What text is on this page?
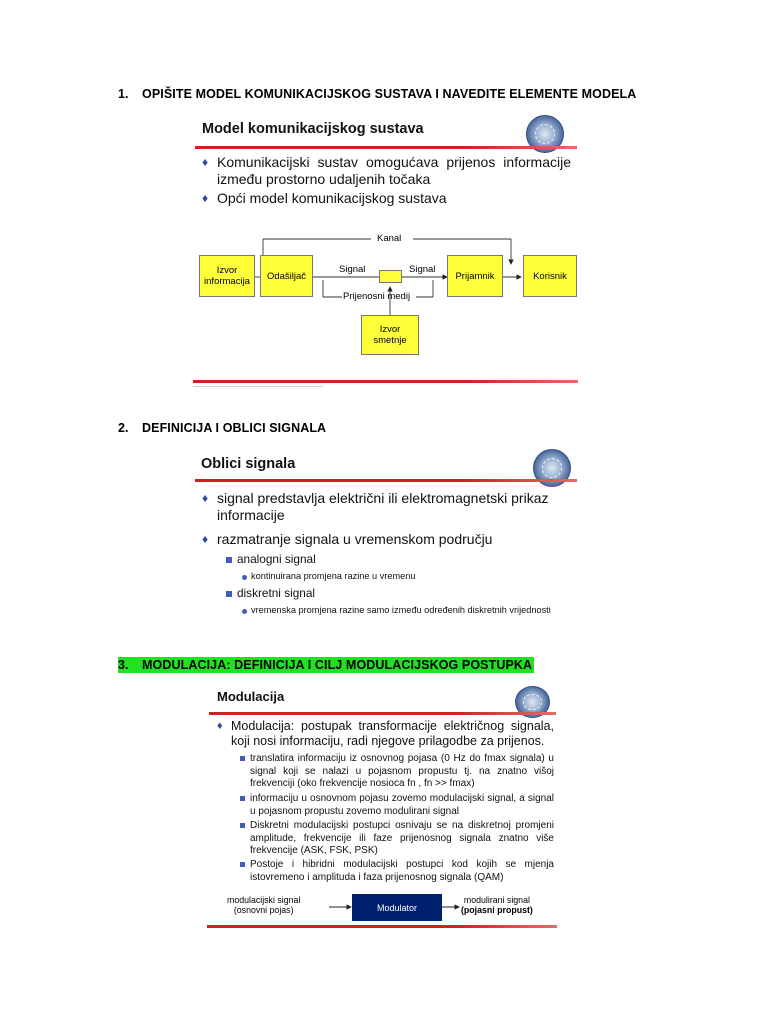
1. OPIŠITE MODEL KOMUNIKACIJSKOG SUSTAVA I NAVEDITE ELEMENTE MODELA
Model komunikacijskog sustava
♦ Komunikacijski sustav omogućava prijenos informacije između prostorno udaljenih točaka
♦ Opći model komunikacijskog sustava
Izvor informacija	Odašiljač	Prijamnik	Korisnik
Izvor smetnje
Kanal
Signal	Signal
Prijenosni medij
2. DEFINICIJA I OBLICI SIGNALA
Oblici signala
♦ signal predstavlja električni ili elektromagnetski prikaz informacije
♦ razmatranje signala u vremenskom području
analogni signal
kontinuirana promjena razine u vremenu
diskretni signal
vremenska promjena razine samo između određenih diskretnih vrijednosti
3. MODULACIJA: DEFINICIJA I CILJ MODULACIJSKOG POSTUPKA
Modulacija
♦ Modulacija: postupak transformacije električnog signala, koji nosi informaciju, radi njegove prilagodbe za prijenos.
translatira informaciju iz osnovnog pojasa (0 Hz do fmax signala) u signal koji se nalazi u pojasnom propustu tj. na znatno višoj frekvenciji (oko frekvencije nosioca fn , fn >> fmax)
informaciju u osnovnom pojasu zovemo modulacijski signal, a signal u pojasnom propustu zovemo modulirani signal
Diskretni modulacijski postupci osnivaju se na diskretnoj promjeni amplitude, frekvencije ili faze prijenosnog signala znatno više frekvencije (ASK, FSK, PSK)
Postoje i hibridni modulacijski postupci kod kojih se mjenja istovremeno i amplituda i faza prijenosnog signala (QAM)
modulacijski signal
(osnovni pojas)	Modulator
modulirani signal
(pojasni propust)
